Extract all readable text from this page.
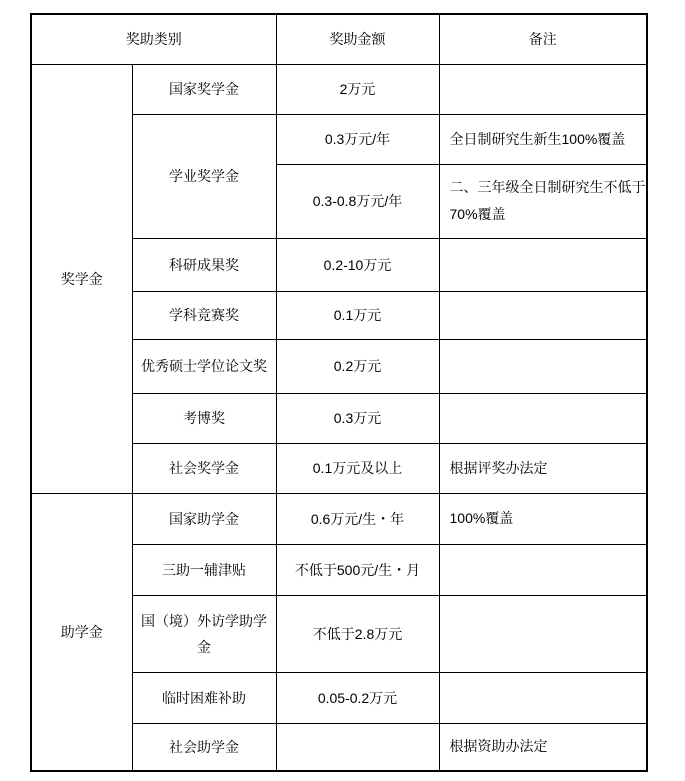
奖助类别		奖助金额	备注
奖学金	国家奖学金	2万元	
	学业奖学金	0.3万元/年	全日制研究生新生100%覆盖
		0.3-0.8万元/年	二、三年级全日制研究生不低于70%覆盖
	科研成果奖	0.2-10万元	
	学科竞赛奖	0.1万元	
	优秀硕士学位论文奖	0.2万元	
	考博奖	0.3万元	
	社会奖学金	0.1万元及以上	根据评奖办法定
助学金	国家助学金	0.6万元/生・年	100%覆盖
	三助一辅津贴	不低于500元/生・月	
	国（境）外访学助学金	不低于2.8万元	
	临时困难补助	0.05-0.2万元	
	社会助学金		根据资助办法定
